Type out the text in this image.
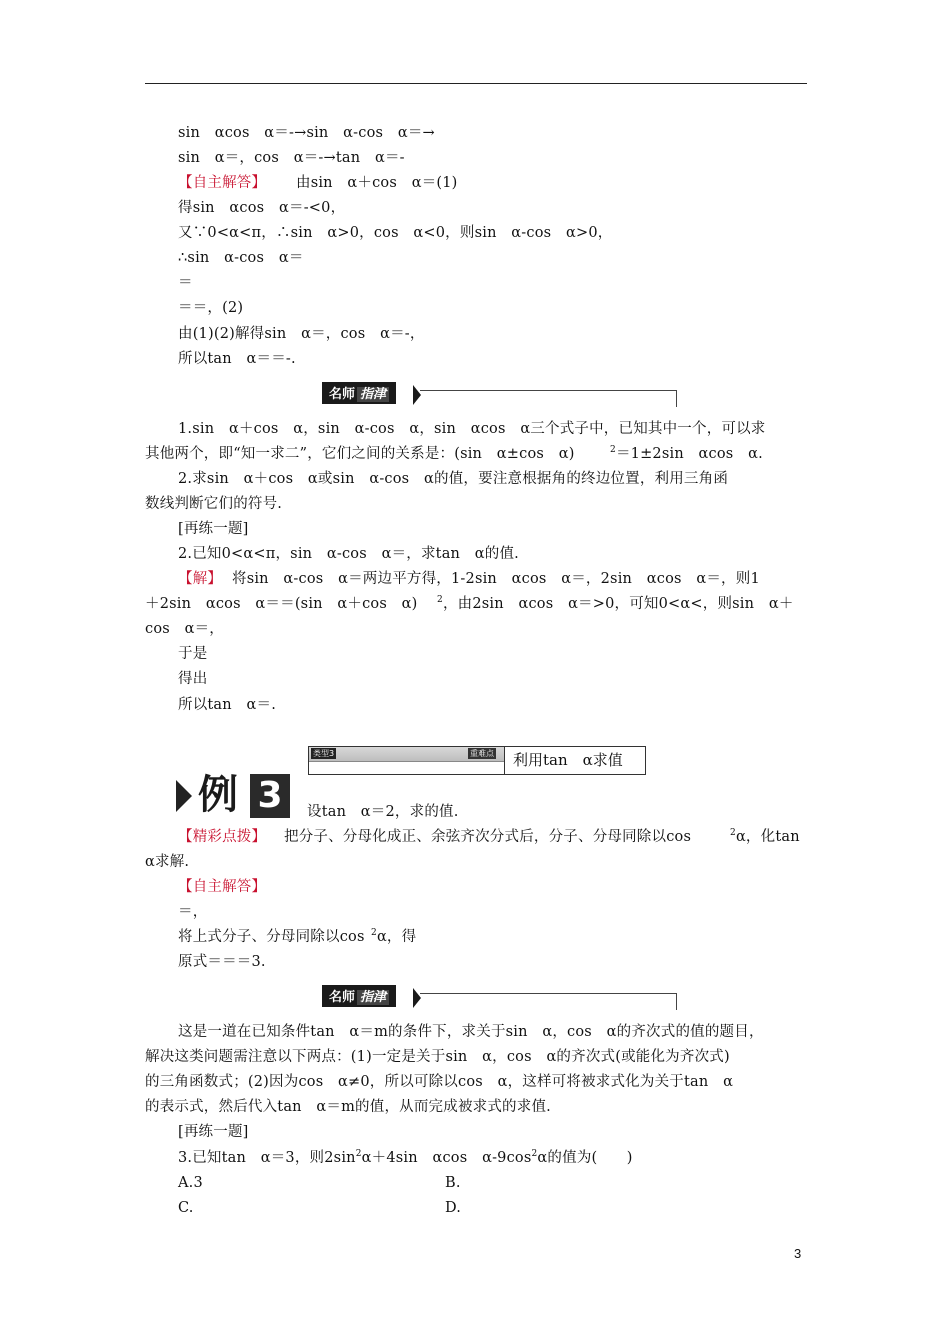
sin　αcos　α＝-→sin　α-cos　α＝→
sin　α＝，cos　α＝-→tan　α＝-
由sin　α＋cos　α＝(1)
得sin　αcos　α＝-<0，
又∵0<α<π，∴sin　α>0，cos　α<0，则sin　α-cos　α>0，
∴sin　α-cos　α＝
＝
＝＝，(2)
由(1)(2)解得sin　α＝，cos　α＝-，
所以tan　α＝＝-.
1.sin　α＋cos　α，sin　α-cos　α，sin　αcos　α三个式子中，已知其中一个，可以求
其他两个，即“知一求二”，它们之间的关系是：(sin　α±cos　α)
2.求sin　α＋cos　α或sin　α-cos　α的值，要注意根据角的终边位置，利用三角函
数线判断它们的符号.
[再练一题]
2.已知0<α<π，sin　α-cos　α＝，求tan　α的值.
将sin　α-cos　α＝两边平方得，1-2sin　αcos　α＝，2sin　αcos　α＝，则1
＋2sin　αcos　α＝＝(sin　α＋cos　α)
cos　α＝，
于是
得出
所以tan　α＝.
设tan　α＝2，求的值.
把分子、分母化成正、余弦齐次分式后，分子、分母同除以cos
α求解.
＝，
将上式分子、分母同除以cos
原式＝＝＝3.
这是一道在已知条件tan　α＝m的条件下，求关于sin　α，cos　α的齐次式的值的题目，
解决这类问题需注意以下两点：(1)一定是关于sin　α，cos　α的齐次式(或能化为齐次式)
的三角函数式；(2)因为cos　α≠0，所以可除以cos　α，这样可将被求式化为关于tan　α
的表示式，然后代入tan　α＝m的值，从而完成被求式的求值.
[再练一题]
A.3	B.
C.	D.
【自主解答】
【解】
【精彩点拨】
【自主解答】
$^2$＝1±2sin　αcos　α.
$^2$，由2sin　αcos　α＝>0，可知0<α<，则sin　α＋
$^2$α，化tan
$^2$α，得
3.已知tan　α＝3，则$2\sin^2\alpha+4\sin$　αcos　$\alpha-9\cos^2\alpha$的值为(　　)
名师 指津
名师 指津
类型3	重难点 利用tan　α求值
例 3
3
